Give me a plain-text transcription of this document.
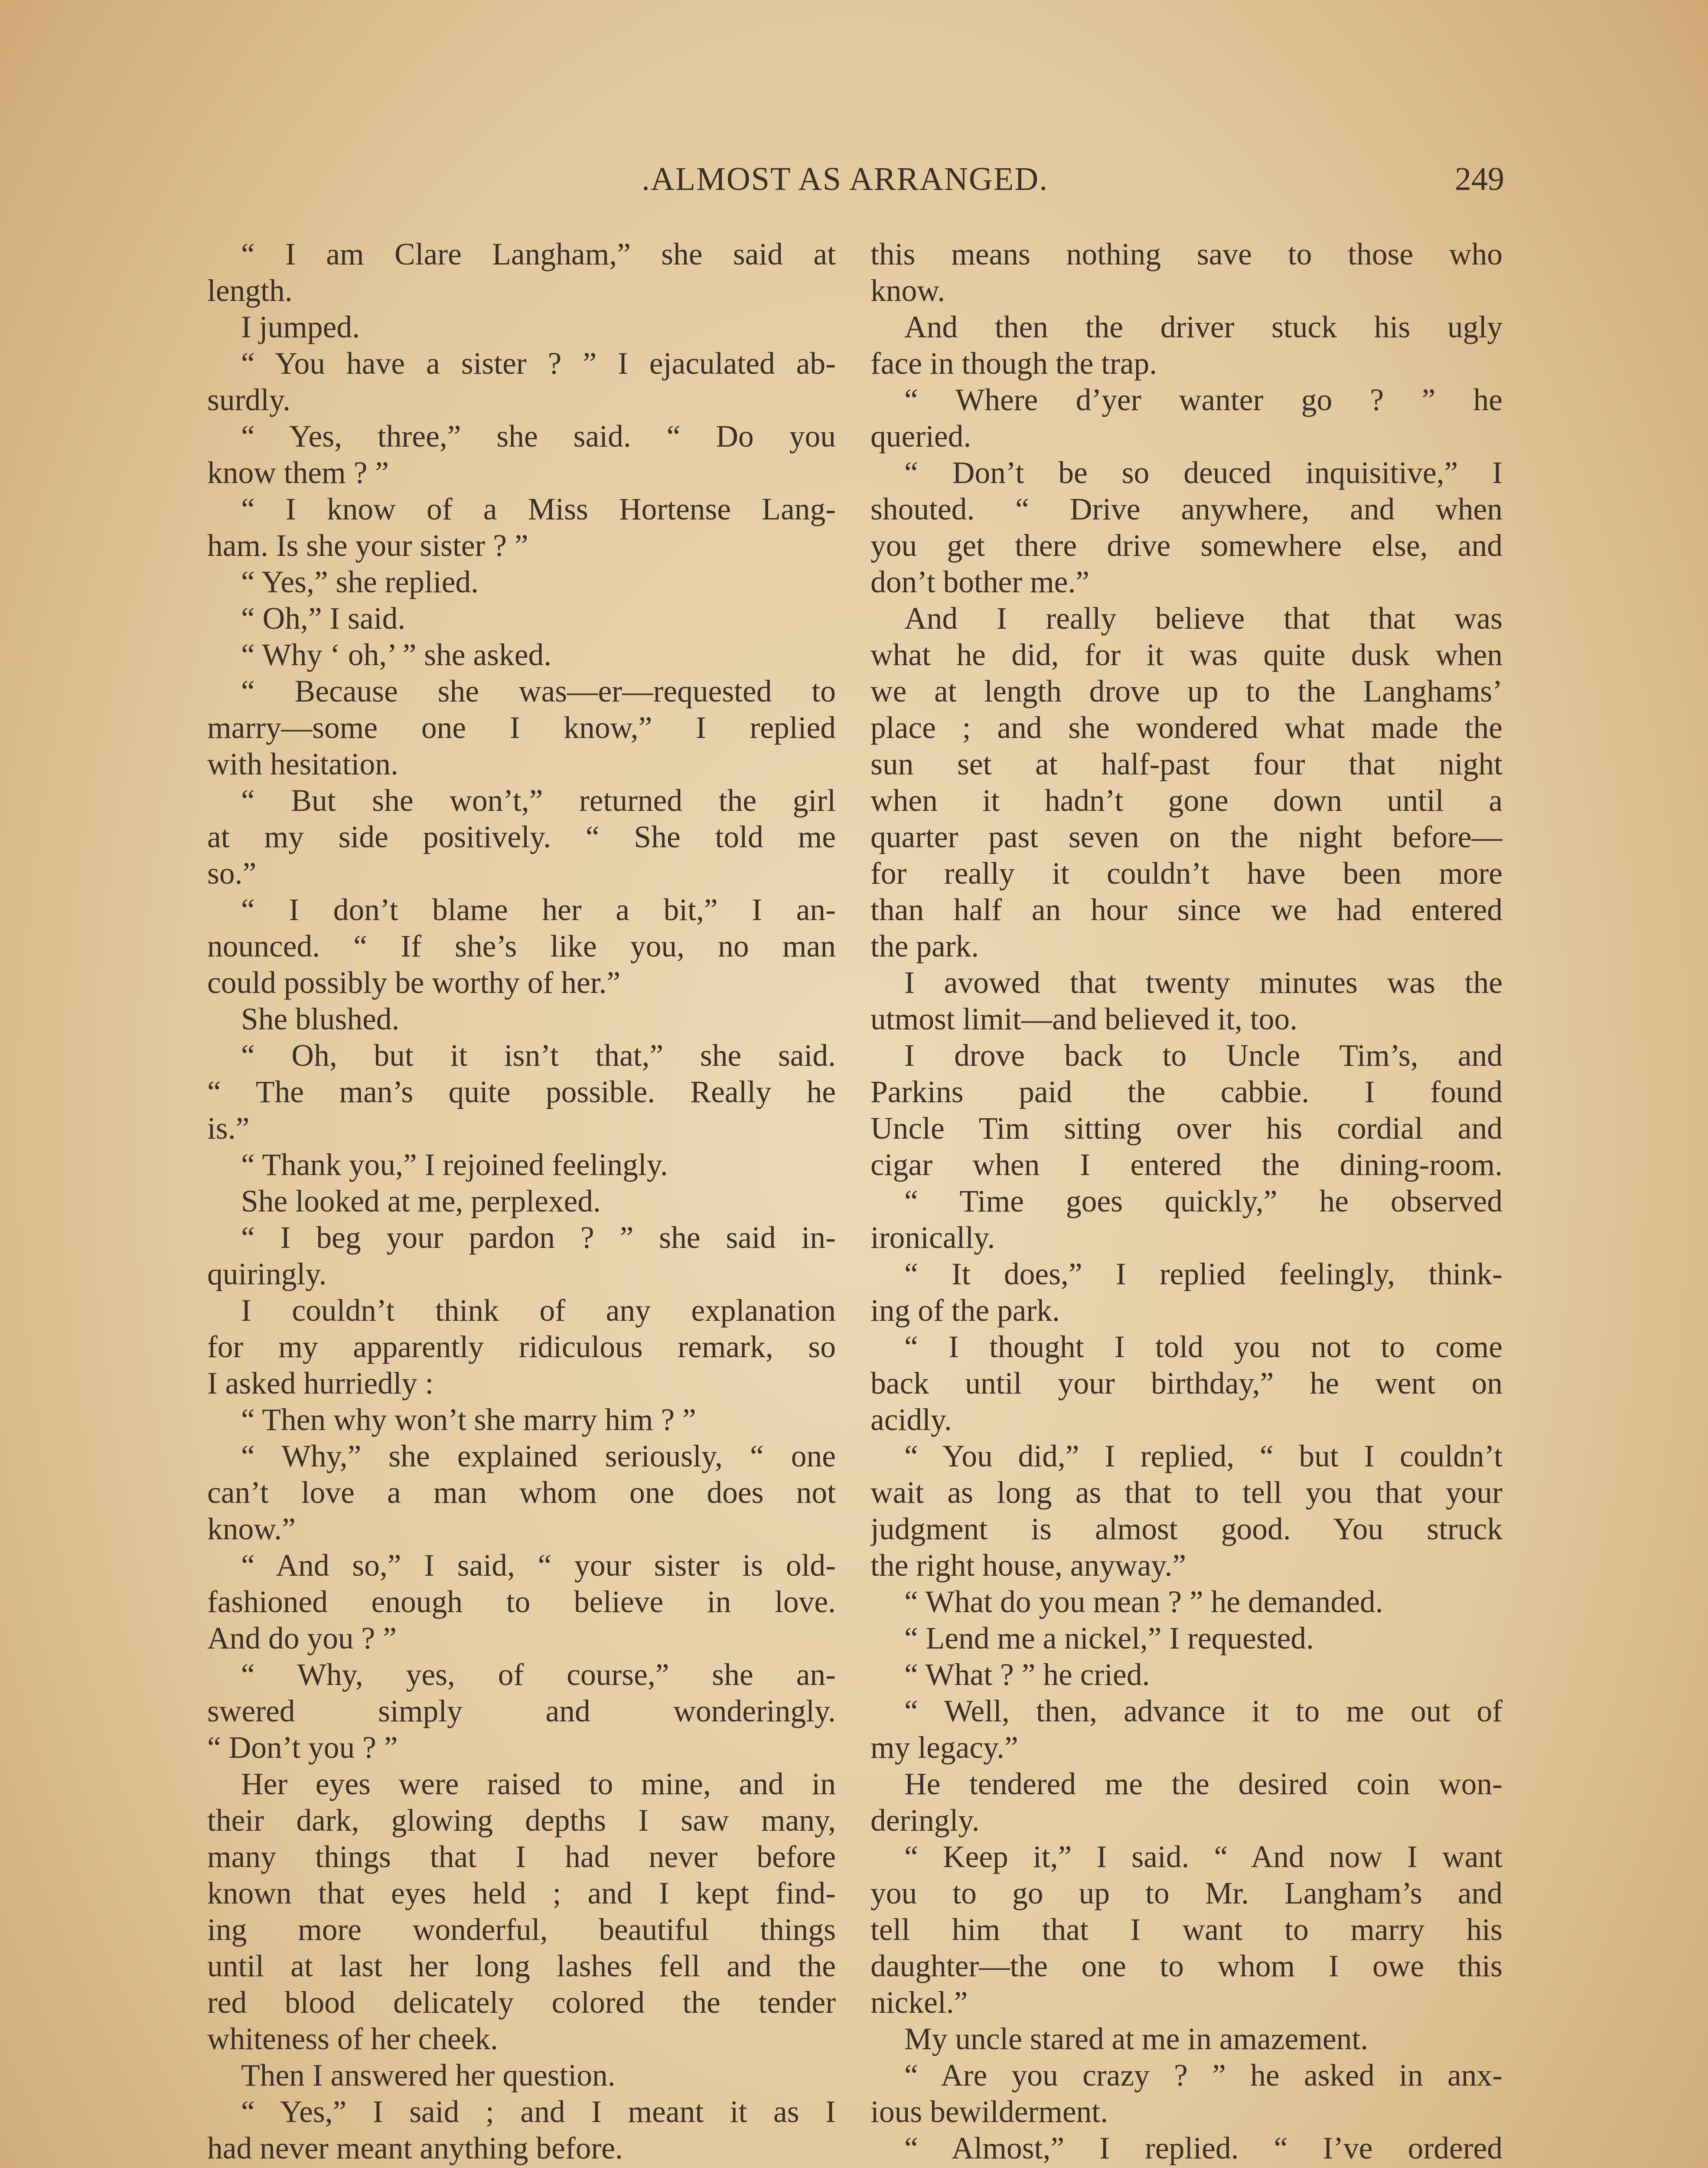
.ALMOST AS ARRANGED.	249
“ I am Clare Langham,” she said at
length.
I jumped.
“ You have a sister ? ” I ejaculated ab-
surdly.
“ Yes, three,” she said. “ Do you
know them ? ”
“ I know of a Miss Hortense Lang-
ham. Is she your sister ? ”
“ Yes,” she replied.
“ Oh,” I said.
“ Why ‘ oh,’ ” she asked.
“ Because she was—er—requested to
marry—some one I know,” I replied
with hesitation.
“ But she won’t,” returned the girl
at my side positively. “ She told me
so.”
“ I don’t blame her a bit,” I an-
nounced. “ If she’s like you, no man
could possibly be worthy of her.”
She blushed.
“ Oh, but it isn’t that,” she said.
“ The man’s quite possible. Really he
is.”
“ Thank you,” I rejoined feelingly.
She looked at me, perplexed.
“ I beg your pardon ? ” she said in-
quiringly.
I couldn’t think of any explanation
for my apparently ridiculous remark, so
I asked hurriedly :
“ Then why won’t she marry him ? ”
“ Why,” she explained seriously, “ one
can’t love a man whom one does not
know.”
“ And so,” I said, “ your sister is old-
fashioned enough to believe in love.
And do you ? ”
“ Why, yes, of course,” she an-
swered simply and wonderingly.
“ Don’t you ? ”
Her eyes were raised to mine, and in
their dark, glowing depths I saw many,
many things that I had never before
known that eyes held ; and I kept find-
ing more wonderful, beautiful things
until at last her long lashes fell and the
red blood delicately colored the tender
whiteness of her cheek.
Then I answered her question.
“ Yes,” I said ; and I meant it as I
had never meant anything before.
this means nothing save to those who
know.
And then the driver stuck his ugly
face in though the trap.
“ Where d’yer wanter go ? ” he
queried.
“ Don’t be so deuced inquisitive,” I
shouted. “ Drive anywhere, and when
you get there drive somewhere else, and
don’t bother me.”
And I really believe that that was
what he did, for it was quite dusk when
we at length drove up to the Langhams’
place ; and she wondered what made the
sun set at half-past four that night
when it hadn’t gone down until a
quarter past seven on the night before—
for really it couldn’t have been more
than half an hour since we had entered
the park.
I avowed that twenty minutes was the
utmost limit—and believed it, too.
I drove back to Uncle Tim’s, and
Parkins paid the cabbie. I found
Uncle Tim sitting over his cordial and
cigar when I entered the dining-room.
“ Time goes quickly,” he observed
ironically.
“ It does,” I replied feelingly, think-
ing of the park.
“ I thought I told you not to come
back until your birthday,” he went on
acidly.
“ You did,” I replied, “ but I couldn’t
wait as long as that to tell you that your
judgment is almost good. You struck
the right house, anyway.”
“ What do you mean ? ” he demanded.
“ Lend me a nickel,” I requested.
“ What ? ” he cried.
“ Well, then, advance it to me out of
my legacy.”
He tendered me the desired coin won-
deringly.
“ Keep it,” I said. “ And now I want
you to go up to Mr. Langham’s and
tell him that I want to marry his
daughter—the one to whom I owe this
nickel.”
My uncle stared at me in amazement.
“ Are you crazy ? ” he asked in anx-
ious bewilderment.
“ Almost,” I replied. “ I’ve ordered
